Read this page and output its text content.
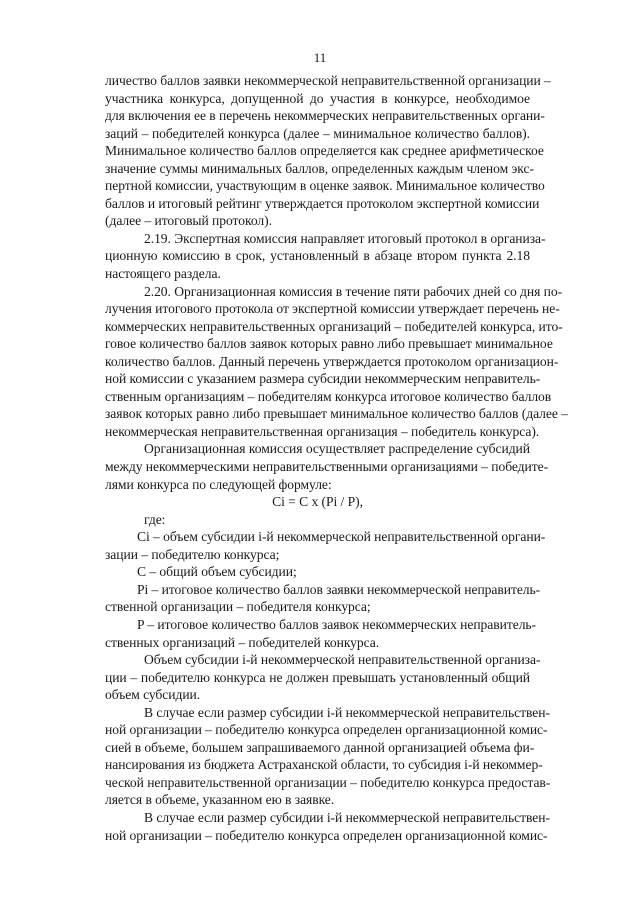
11
личество баллов заявки некоммерческой неправительственной организации –
участника конкурса, допущенной до участия в конкурсе, необходимое
для включения ее в перечень некоммерческих неправительственных органи-
заций – победителей конкурса (далее – минимальное количество баллов).
Минимальное количество баллов определяется как среднее арифметическое
значение суммы минимальных баллов, определенных каждым членом экс-
пертной комиссии, участвующим в оценке заявок. Минимальное количество
баллов и итоговый рейтинг утверждается протоколом экспертной комиссии
(далее – итоговый протокол).
2.19. Экспертная комиссия направляет итоговый протокол в организа-
ционную комиссию в срок, установленный в абзаце втором пункта 2.18
настоящего раздела.
2.20. Организационная комиссия в течение пяти рабочих дней со дня по-
лучения итогового протокола от экспертной комиссии утверждает перечень не-
коммерческих неправительственных организаций – победителей конкурса, ито-
говое количество баллов заявок которых равно либо превышает минимальное
количество баллов. Данный перечень утверждается протоколом организацион-
ной комиссии с указанием размера субсидии некоммерческим неправитель-
ственным организациям – победителям конкурса итоговое количество баллов
заявок которых равно либо превышает минимальное количество баллов (далее –
некоммерческая неправительственная организация – победитель конкурса).
Организационная комиссия осуществляет распределение субсидий
между некоммерческими неправительственными организациями – победите-
лями конкурса по следующей формуле:
Ci = C x (Pi / P),
где:
Ci – объем субсидии i-й некоммерческой неправительственной органи-
зации – победителю конкурса;
C – общий объем субсидии;
Pi – итоговое количество баллов заявки некоммерческой неправитель-
ственной организации – победителя конкурса;
P – итоговое количество баллов заявок некоммерческих неправитель-
ственных организаций – победителей конкурса.
Объем субсидии i-й некоммерческой неправительственной организа-
ции – победителю конкурса не должен превышать установленный общий
объем субсидии.
В случае если размер субсидии i-й некоммерческой неправительствен-
ной организации – победителю конкурса определен организационной комис-
сией в объеме, большем запрашиваемого данной организацией объема фи-
нансирования из бюджета Астраханской области, то субсидия i-й некоммер-
ческой неправительственной организации – победителю конкурса предостав-
ляется в объеме, указанном ею в заявке.
В случае если размер субсидии i-й некоммерческой неправительствен-
ной организации – победителю конкурса определен организационной комис-
